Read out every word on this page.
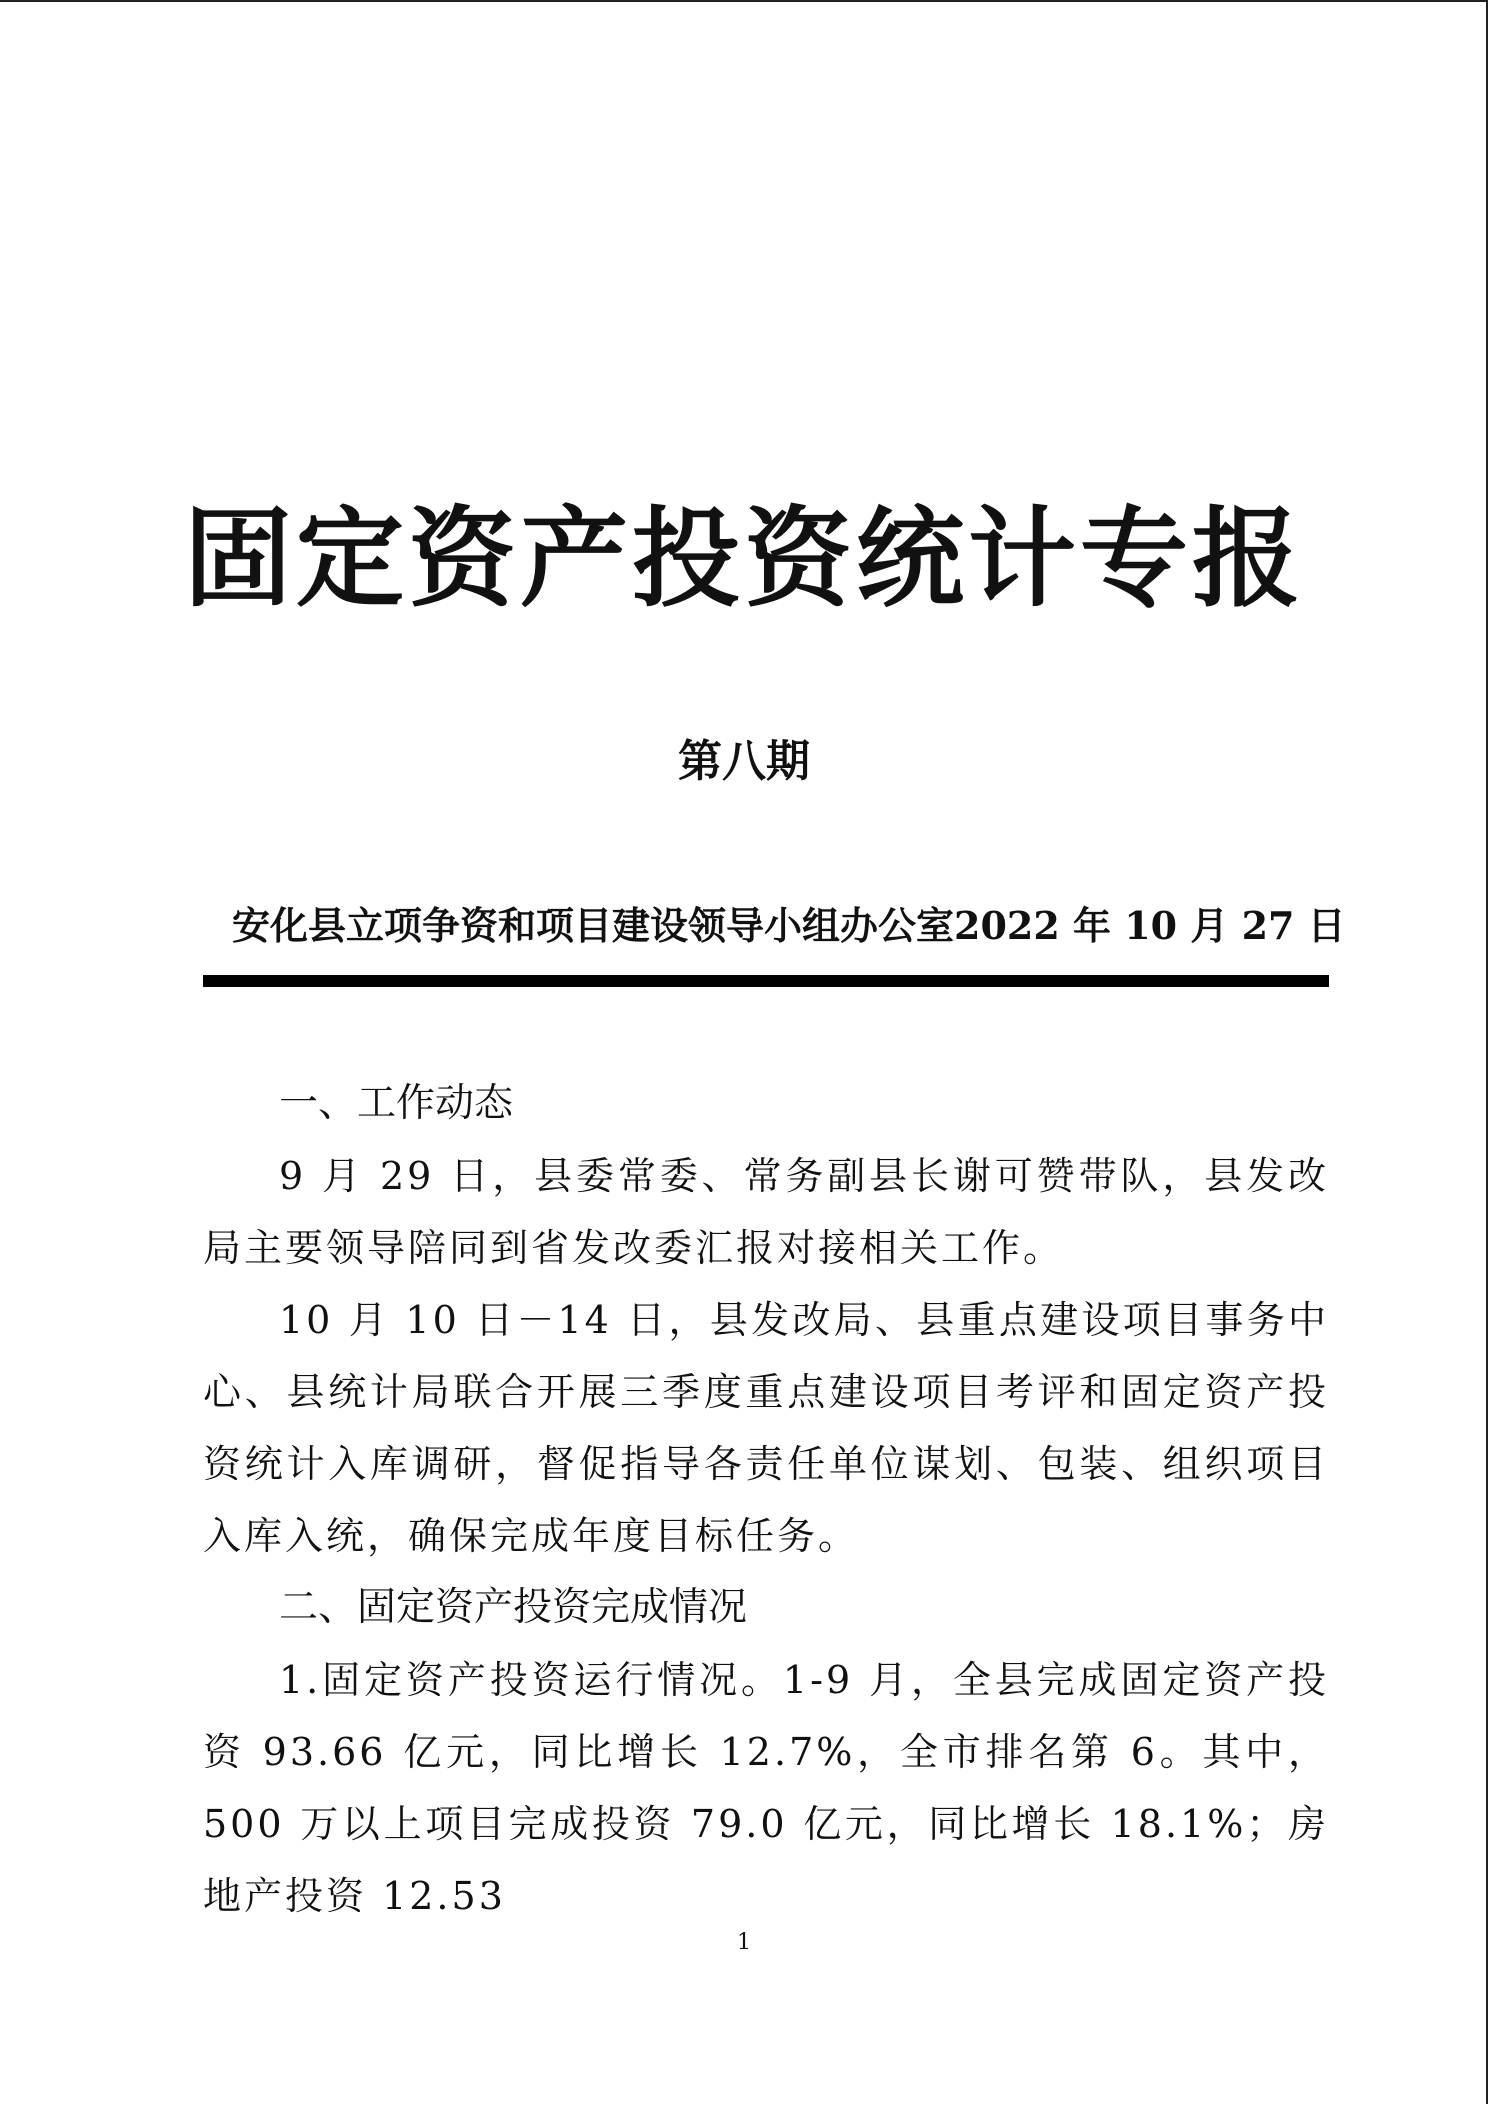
固定资产投资统计专报
第八期
安化县立项争资和项目建设领导小组办公室 2022 年 10 月 27 日

一、工作动态

9 月 29 日，县委常委、常务副县长谢可赞带队，县发改局主要领导陪同到省发改委汇报对接相关工作。

10 月 10 日－14 日，县发改局、县重点建设项目事务中心、县统计局联合开展三季度重点建设项目考评和固定资产投资统计入库调研，督促指导各责任单位谋划、包装、组织项目入库入统，确保完成年度目标任务。

二、固定资产投资完成情况

1.固定资产投资运行情况。1-9 月，全县完成固定资产投资 93.66 亿元，同比增长 12.7%，全市排名第 6。其中，500 万以上项目完成投资 79.0 亿元，同比增长 18.1%；房地产投资 12.53

1
